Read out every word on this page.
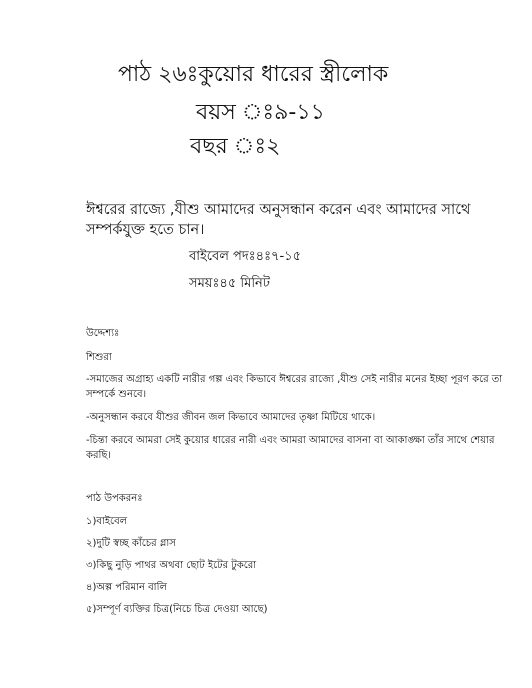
পাঠ ২৬ঃকুয়োর ধারের স্ত্রীলোক
বয়স ঃ৯-১১
বছর ঃ২
ঈশ্বরের রাজ্যে ,যীশু আমাদের অনুসন্ধান করেন এবং আমাদের সাথে সম্পর্কযুক্ত হতে চান।
বাইবেল পদঃ৪ঃ৭-১৫
সময়ঃ৪৫ মিনিট
উদ্দেশ্যঃ
শিশুরা
-সমাজের অগ্রাহ্য একটি নারীর গল্প এবং কিভাবে ঈশ্বরের রাজ্যে ,যীশু সেই নারীর মনের ইচ্ছা পূরণ করে তা সম্পর্কে শুনবে।
-অনুসন্ধান করবে যীশুর জীবন জল কিভাবে আমাদের তৃষ্ণা মিটিয়ে থাকে।
-চিন্তা করবে আমরা সেই কুয়োর ধারের নারী এবং আমরা আমাদের বাসনা বা আকাঙ্ক্ষা তাঁর সাথে শেয়ার করছি।
পাঠ উপকরনঃ
১)বাইবেল
২)দুটি স্বচ্ছ কাঁচের গ্লাস
৩)কিছু নুড়ি পাথর অথবা ছোট ইটের টুকরো
৪)অল্প পরিমান বালি
৫)সম্পূর্ণ ব্যক্তির চিত্র(নিচে চিত্র দেওয়া আছে)
